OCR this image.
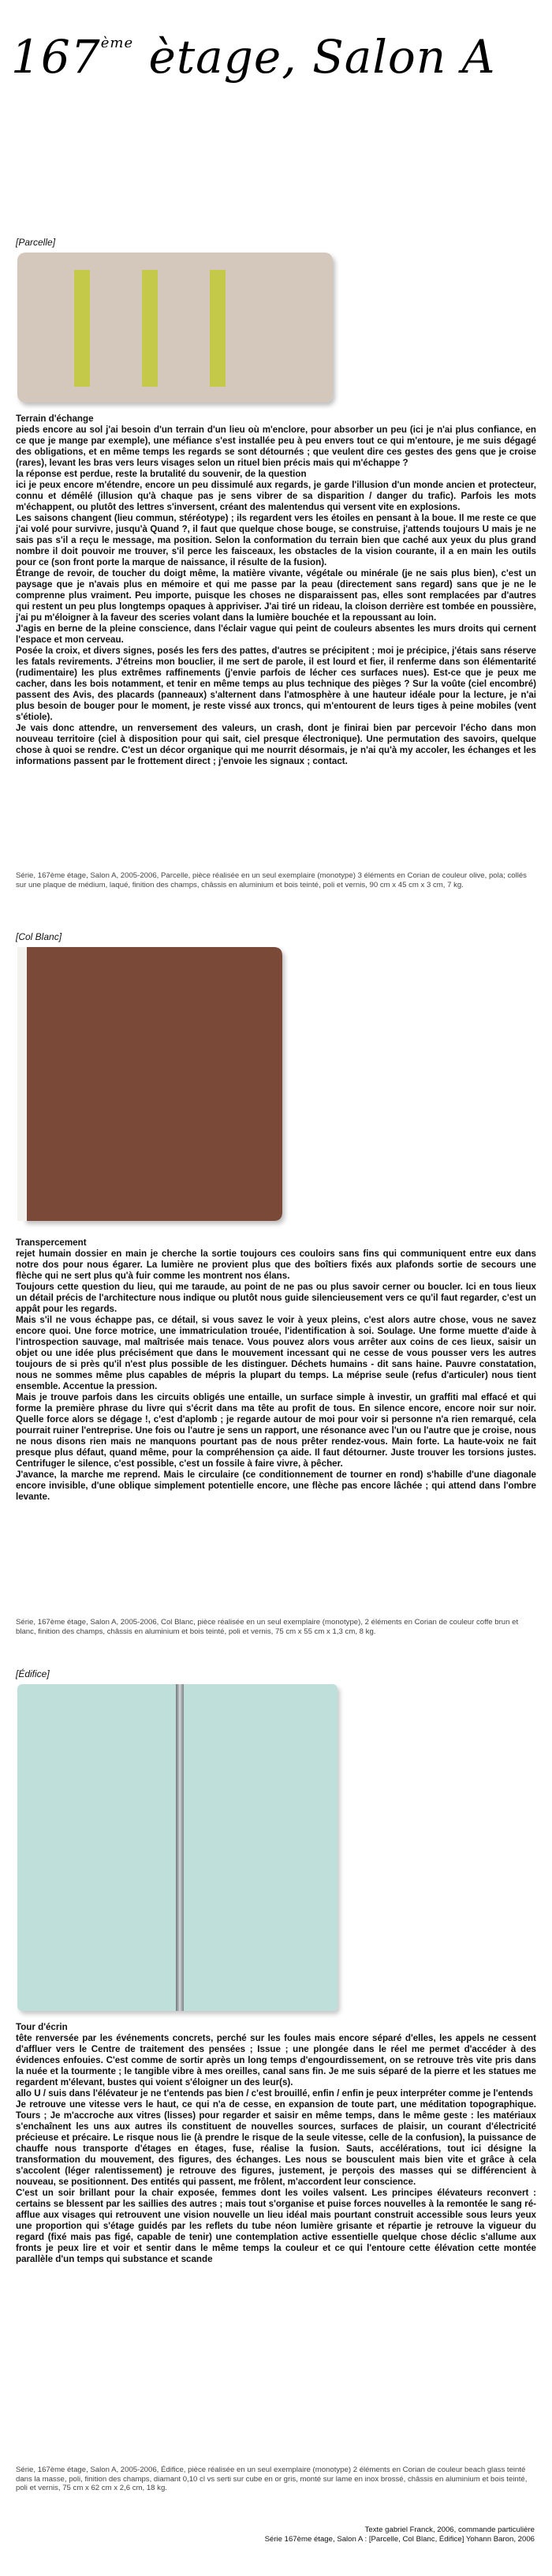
167ème ètage, Salon A
[Parcelle]

Terrain d'échange

pieds encore au sol j'ai besoin d'un terrain d'un lieu où m'enclore, pour absorber un peu (ici je n'ai plus confiance, en ce que je mange par exemple), une méfiance s'est installée peu à peu envers tout ce qui m'entoure, je me suis dégagé des obligations, et en même temps les regards se sont détournés ; que veulent dire ces gestes des gens que je croise (rares), levant les bras vers leurs visages selon un rituel bien précis mais qui m'échappe ?

la réponse est perdue, reste la brutalité du souvenir, de la question

ici je peux encore m'étendre, encore un peu dissimulé aux regards, je garde l'illusion d'un monde ancien et protecteur, connu et démêlé (illusion qu'à chaque pas je sens vibrer de sa disparition / danger du trafic). Parfois les mots m'échappent, ou plutôt des lettres s'inversent, créant des malentendus qui versent vite en explosions.

Les saisons changent (lieu commun, stéréotype) ; ils regardent vers les étoiles en pensant à la boue. Il me reste ce que j'ai volé pour survivre, jusqu'à Quand ?, il faut que quelque chose bouge, se construise, j'attends toujours U mais je ne sais pas s'il a reçu le message, ma position. Selon la conformation du terrain bien que caché aux yeux du plus grand nombre il doit pouvoir me trouver, s'il perce les faisceaux, les obstacles de la vision courante, il a en main les outils pour ce (son front porte la marque de naissance, il résulte de la fusion).

Étrange de revoir, de toucher du doigt même, la matière vivante, végétale ou minérale (je ne sais plus bien), c'est un paysage que je n'avais plus en mémoire et qui me passe par la peau (directement sans regard) sans que je ne le comprenne plus vraiment. Peu importe, puisque les choses ne disparaissent pas, elles sont remplacées par d'autres qui restent un peu plus longtemps opaques à appriviser. J'ai tiré un rideau, la cloison derrière est tombée en poussière, j'ai pu m'éloigner à la faveur des sceries volant dans la lumière bouchée et la repoussant au loin.

J'agis en berne de la pleine conscience, dans l'éclair vague qui peint de couleurs absentes les murs droits qui cernent l'espace et mon cerveau.

Posée la croix, et divers signes, posés les fers des pattes, d'autres se précipitent ; moi je précipice, j'étais sans réserve les fatals revirements. J'étreins mon bouclier, il me sert de parole, il est lourd et fier, il renferme dans son élémentarité (rudimentaire) les plus extrêmes raffinements (j'envie parfois de lécher ces surfaces nues). Est-ce que je peux me cacher, dans les bois notamment, et tenir en même temps au plus technique des pièges ? Sur la voûte (ciel encombré) passent des Avis, des placards (panneaux) s'alternent dans l'atmosphère à une hauteur idéale pour la lecture, je n'ai plus besoin de bouger pour le moment, je reste vissé aux troncs, qui m'entourent de leurs tiges à peine mobiles (vent s'étiole).

Je vais donc attendre, un renversement des valeurs, un crash, dont je finirai bien par percevoir l'écho dans mon nouveau territoire (ciel à disposition pour qui sait, ciel presque électronique). Une permutation des savoirs, quelque chose à quoi se rendre. C'est un décor organique qui me nourrit désormais, je n'ai qu'à my accoler, les échanges et les informations passent par le frottement direct ; j'envoie les signaux ; contact.

Série, 167ème étage, Salon A, 2005-2006, Parcelle, pièce réalisée en un seul exemplaire (monotype) 3 éléments en Corian de couleur olive, pola; collés sur une plaque de médium, laqué, finition des champs, châssis en aluminium et bois teinté, poli et vernis, 90 cm x 45 cm x 3 cm, 7 kg.

[Col Blanc]

Transpercement

rejet humain dossier en main je cherche la sortie toujours ces couloirs sans fins qui communiquent entre eux dans notre dos pour nous égarer. La lumière ne provient plus que des boîtiers fixés aux plafonds sortie de secours une flèche qui ne sert plus qu'à fuir comme les montrent nos élans.

Toujours cette question du lieu, qui me taraude, au point de ne pas ou plus savoir cerner ou boucler. Ici en tous lieux un détail précis de l'architecture nous indique ou plutôt nous guide silencieusement vers ce qu'il faut regarder, c'est un appât pour les regards.

Mais s'il ne vous échappe pas, ce détail, si vous savez le voir à yeux pleins, c'est alors autre chose, vous ne savez encore quoi. Une force motrice, une immatriculation trouée, l'identification à soi. Soulage. Une forme muette d'aide à l'introspection sauvage, mal maîtrisée mais tenace. Vous pouvez alors vous arrêter aux coins de ces lieux, saisir un objet ou une idée plus précisément que dans le mouvement incessant qui ne cesse de vous pousser vers les autres toujours de si près qu'il n'est plus possible de les distinguer. Déchets humains - dit sans haine. Pauvre constatation, nous ne sommes même plus capables de mépris la plupart du temps. La méprise seule (refus d'articuler) nous tient ensemble. Accentue la pression.

Mais je trouve parfois dans les circuits obligés une entaille, un surface simple à investir, un graffiti mal effacé et qui forme la première phrase du livre qui s'écrit dans ma tête au profit de tous. En silence encore, encore noir sur noir. Quelle force alors se dégage !, c'est d'aplomb ; je regarde autour de moi pour voir si personne n'a rien remarqué, cela pourrait ruiner l'entreprise. Une fois ou l'autre je sens un rapport, une résonance avec l'un ou l'autre que je croise, nous ne nous disons rien mais ne manquons pourtant pas de nous prêter rendez-vous. Main forte. La haute-voix ne fait presque plus défaut, quand même, pour la compréhension ça aide. Il faut détourner. Juste trouver les torsions justes. Centrifuger le silence, c'est possible, c'est un fossile à faire vivre, à pêcher.

J'avance, la marche me reprend. Mais le circulaire (ce conditionnement de tourner en rond) s'habille d'une diagonale encore invisible, d'une oblique simplement potentielle encore, une flèche pas encore lâchée ; qui attend dans l'ombre levante.

Série, 167ème étage, Salon A, 2005-2006, Col Blanc, pièce réalisée en un seul exemplaire (monotype), 2 éléments en Corian de couleur coffe brun et blanc, finition des champs, châssis en aluminium et bois teinté, poli et vernis, 75 cm x 55 cm x 1,3 cm, 8 kg.

[Édifice]

Tour d'écrin

tête renversée par les événements concrets, perché sur les foules mais encore séparé d'elles, les appels ne cessent d'affluer vers le Centre de traitement des pensées ; Issue ; une plongée dans le réel me permet d'accéder à des évidences enfouies. C'est comme de sortir après un long temps d'engourdissement, on se retrouve très vite pris dans la nuée et la tourmente ; le tangible vibre à mes oreilles, canal sans fin. Je me suis séparé de la pierre et les statues me regardent m'élevant, bustes qui voient s'éloigner un des leur(s).

allo U / suis dans l'élévateur je ne t'entends pas bien / c'est brouillé, enfin / enfin je peux interpréter comme je l'entends

Je retrouve une vitesse vers le haut, ce qui n'a de cesse, en expansion de toute part, une méditation topographique. Tours ; Je m'accroche aux vitres (lisses) pour regarder et saisir en même temps, dans le même geste : les matériaux s'enchaînent les uns aux autres ils constituent de nouvelles sources, surfaces de plaisir, un courant d'électricité précieuse et précaire. Le risque nous lie (à prendre le risque de la seule vitesse, celle de la confusion), la puissance de chauffe nous transporte d'étages en étages, fuse, réalise la fusion. Sauts, accélérations, tout ici désigne la transformation du mouvement, des figures, des échanges. Les nous se bousculent mais bien vite et grâce à cela s'accolent (léger ralentissement) je retrouve des figures, justement, je perçois des masses qui se différencient à nouveau, se positionnent. Des entités qui passent, me frôlent, m'accordent leur conscience.

C'est un soir brillant pour la chair exposée, femmes dont les voiles valsent. Les principes élévateurs reconvert : certains se blessent par les saillies des autres ; mais tout s'organise et puise forces nouvelles à la remontée le sang ré-afflue aux visages qui retrouvent une vision nouvelle un lieu idéal mais pourtant construit accessible sous leurs yeux une proportion qui s'étage guidés par les reflets du tube néon lumière grisante et répartie je retrouve la vigueur du regard (fixé mais pas figé, capable de tenir) une contemplation active essentielle quelque chose déclic s'allume aux fronts je peux lire et voir et sentir dans le même temps la couleur et ce qui l'entoure cette élévation cette montée parallèle d'un temps qui substance et scande

Série, 167ème étage, Salon A, 2005-2006, Édifice, pièce réalisée en un seul exemplaire (monotype) 2 éléments en Corian de couleur beach glass teinté dans la masse, poli, finition des champs, diamant 0,10 cl vs serti sur cube en or gris, monté sur lame en inox brossé, châssis en aluminium et bois teinté, poli et vernis, 75 cm x 62 cm x 2,6 cm, 18 kg.

Texte gabriel Franck, 2006, commande particulière
Série 167ème étage, Salon A : [Parcelle, Col Blanc, Édifice] Yohann Baron, 2006
